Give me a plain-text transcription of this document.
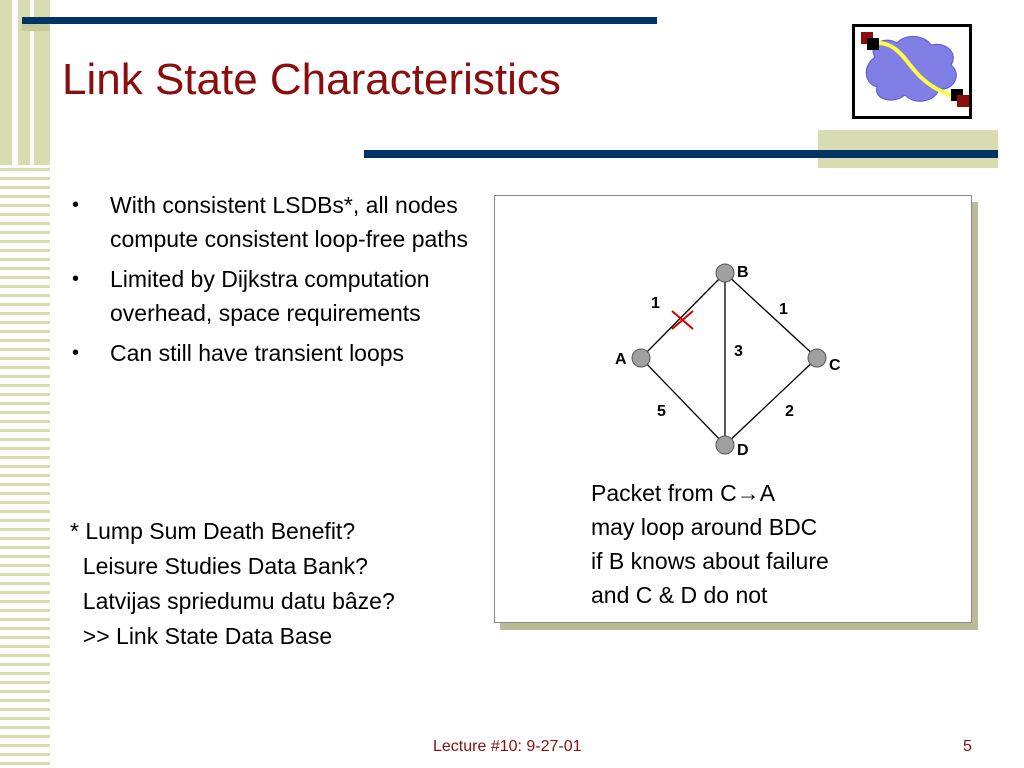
Link State Characteristics
• With consistent LSDBs*, all nodes compute consistent loop-free paths
• Limited by Dijkstra computation overhead, space requirements
• Can still have transient loops
* Lump Sum Death Benefit?
Leisure Studies Data Bank?
Latvijas spriedumu datu bâze?
>> Link State Data Base
B
A	C
D
1	1
3
5	2
Packet from C→A
may loop around BDC
if B knows about failure
and C & D do not
Lecture #10: 9-27-01	5
